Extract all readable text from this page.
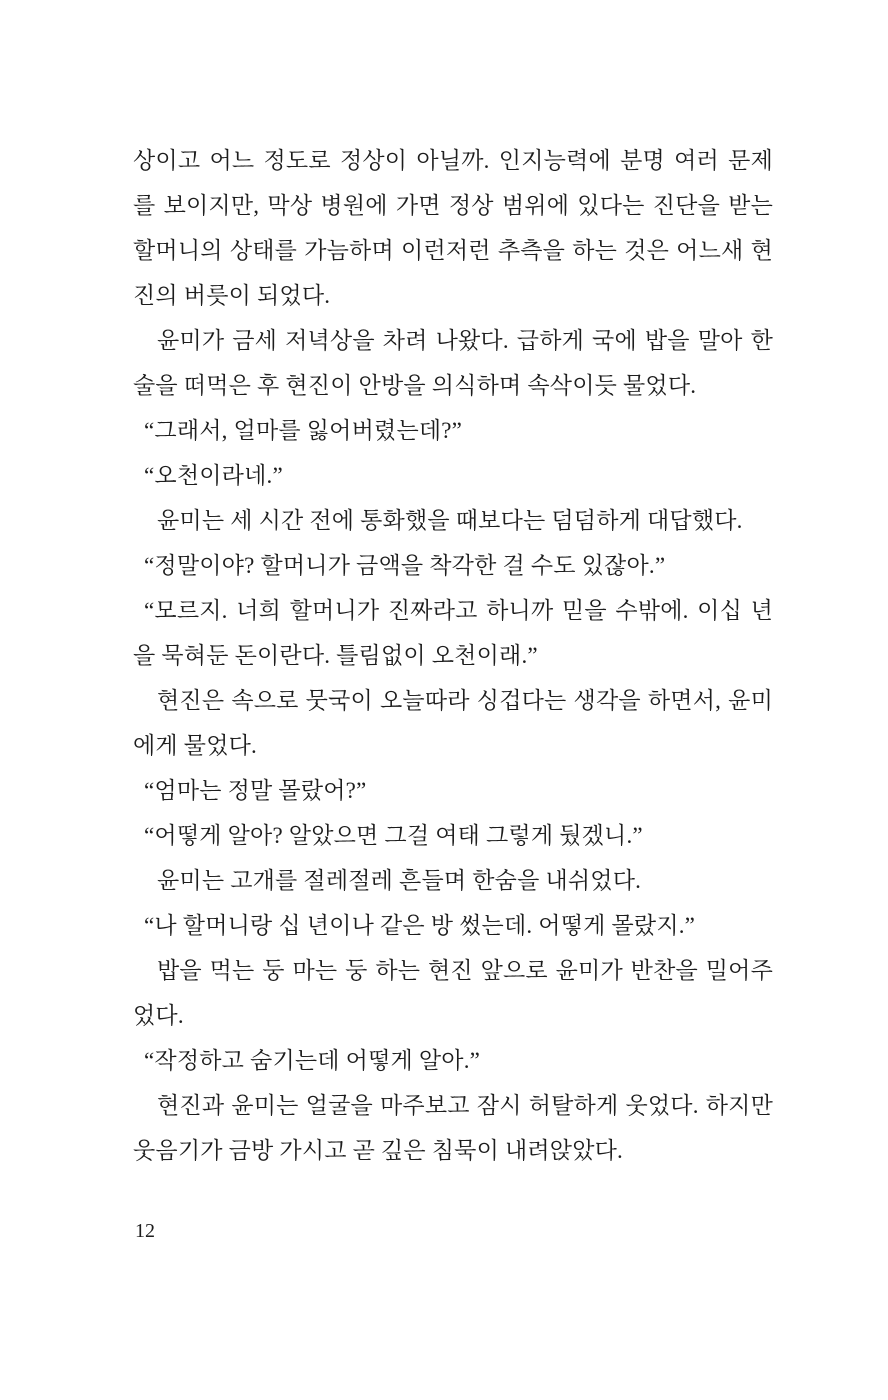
상이고 어느 정도로 정상이 아닐까. 인지능력에 분명 여러 문제
를 보이지만, 막상 병원에 가면 정상 범위에 있다는 진단을 받는
할머니의 상태를 가늠하며 이런저런 추측을 하는 것은 어느새 현
진의 버릇이 되었다.
윤미가 금세 저녁상을 차려 나왔다. 급하게 국에 밥을 말아 한
술을 떠먹은 후 현진이 안방을 의식하며 속삭이듯 물었다.
“그래서, 얼마를 잃어버렸는데?”
“오천이라네.”
윤미는 세 시간 전에 통화했을 때보다는 덤덤하게 대답했다.
“정말이야? 할머니가 금액을 착각한 걸 수도 있잖아.”
“모르지. 너희 할머니가 진짜라고 하니까 믿을 수밖에. 이십 년
을 묵혀둔 돈이란다. 틀림없이 오천이래.”
현진은 속으로 뭇국이 오늘따라 싱겁다는 생각을 하면서, 윤미
에게 물었다.
“엄마는 정말 몰랐어?”
“어떻게 알아? 알았으면 그걸 여태 그렇게 뒀겠니.”
윤미는 고개를 절레절레 흔들며 한숨을 내쉬었다.
“나 할머니랑 십 년이나 같은 방 썼는데. 어떻게 몰랐지.”
밥을 먹는 둥 마는 둥 하는 현진 앞으로 윤미가 반찬을 밀어주
었다.
“작정하고 숨기는데 어떻게 알아.”
현진과 윤미는 얼굴을 마주보고 잠시 허탈하게 웃었다. 하지만
웃음기가 금방 가시고 곧 깊은 침묵이 내려앉았다.
12
